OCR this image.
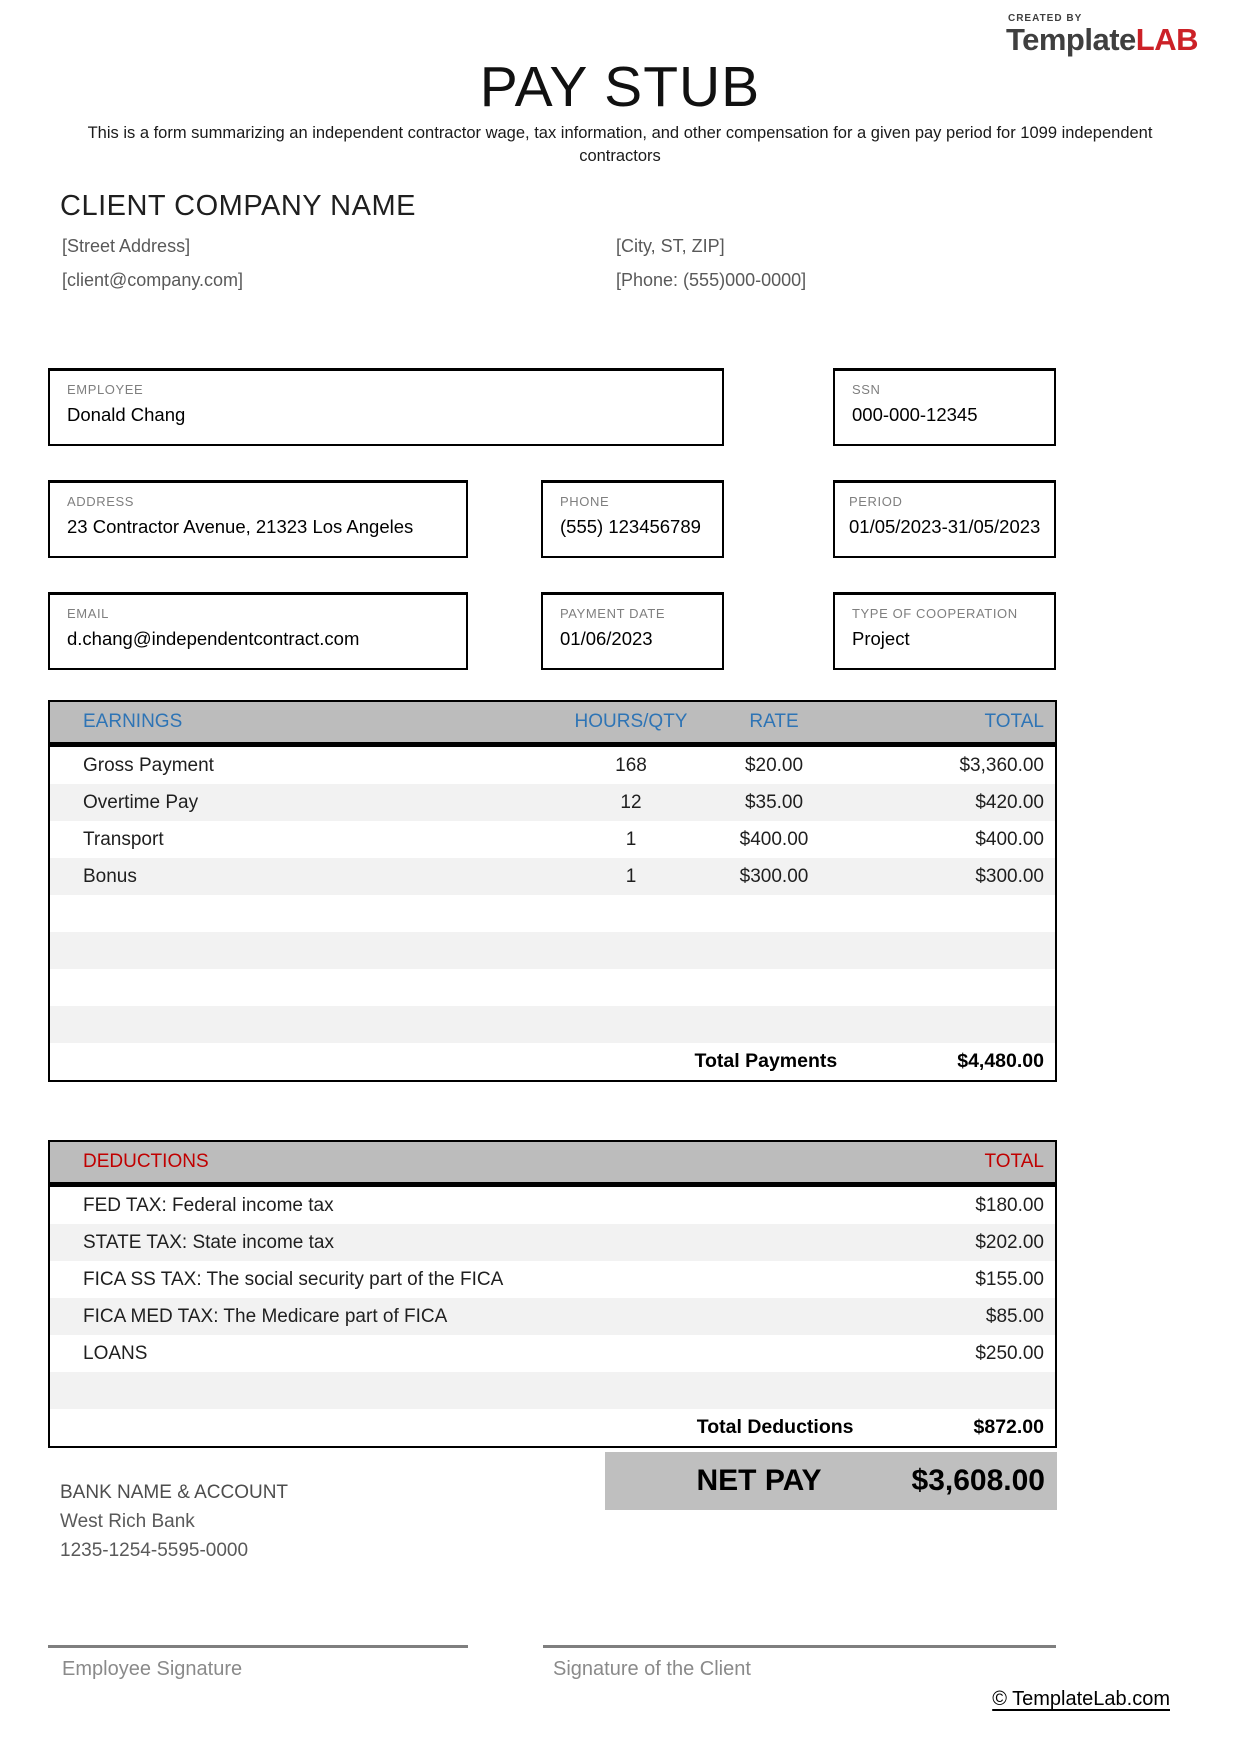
CREATED BY
TemplateLAB
PAY STUB
This is a form summarizing an independent contractor wage, tax information, and other compensation for a given pay period for 1099 independent contractors
CLIENT COMPANY NAME
[Street Address]	[City, ST, ZIP]
[client@company.com]	[Phone: (555)000-0000]
EMPLOYEE
Donald Chang
SSN
000-000-12345
ADDRESS
23 Contractor Avenue, 21323 Los Angeles
PHONE
(555) 123456789
PERIOD
01/05/2023-31/05/2023
EMAIL
d.chang@independentcontract.com
PAYMENT DATE
01/06/2023
TYPE OF COOPERATION
Project
EARNINGS	HOURS/QTY	RATE	TOTAL
Gross Payment	168	$20.00	$3,360.00
Overtime Pay	12	$35.00	$420.00
Transport	1	$400.00	$400.00
Bonus	1	$300.00	$300.00
Total Payments	$4,480.00
DEDUCTIONS	TOTAL
FED TAX: Federal income tax	$180.00
STATE TAX: State income tax	$202.00
FICA SS TAX: The social security part of the FICA	$155.00
FICA MED TAX: The Medicare part of FICA	$85.00
LOANS	$250.00
Total Deductions	$872.00
NET PAY	$3,608.00
BANK NAME & ACCOUNT
West Rich Bank
1235-1254-5595-0000
Employee Signature	Signature of the Client
© TemplateLab.com
